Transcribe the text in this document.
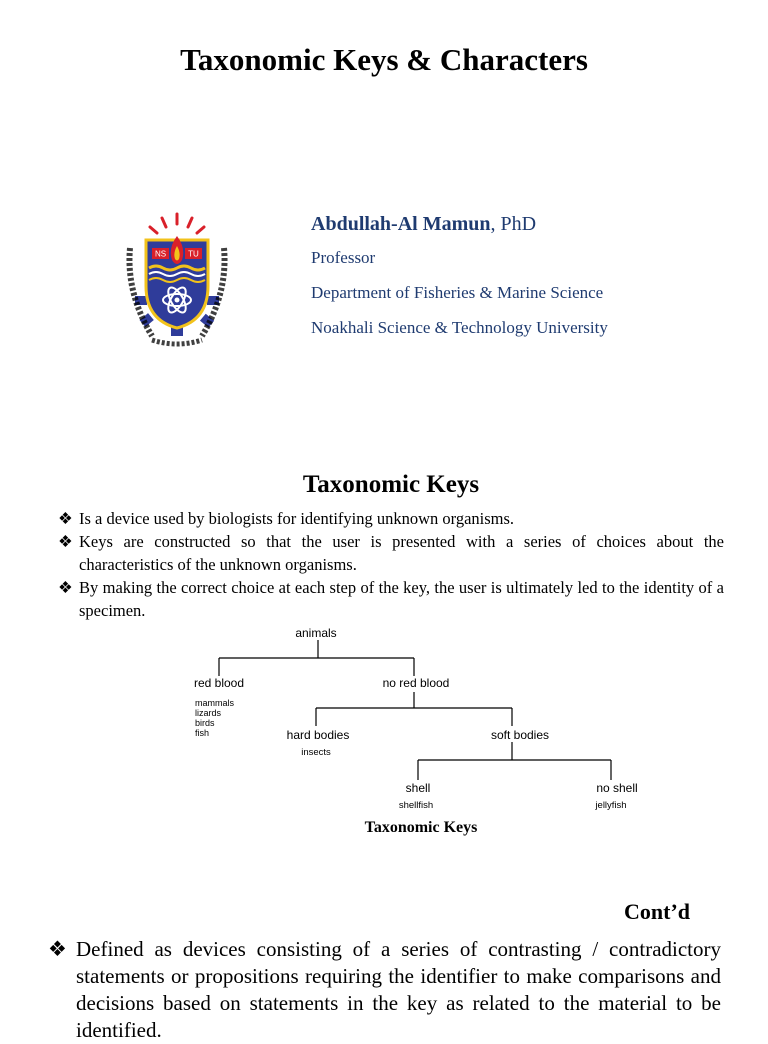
Taxonomic Keys & Characters
NS	TU
Abdullah-Al Mamun, PhD
Professor
Department of Fisheries & Marine Science
Noakhali Science & Technology University
Taxonomic Keys
❖ Is a device used by biologists for identifying unknown organisms.
❖ Keys are constructed so that the user is presented with a series of choices about the characteristics of the unknown organisms.
❖ By making the correct choice at each step of the key, the user is ultimately led to the identity of a specimen.
animals
red blood	no red blood
mammals
lizards
birds
fish	hard bodies
insects
soft bodies
shell
shellfish
no shell
jellyfish
Taxonomic Keys
Cont’d
❖ Defined as devices consisting of a series of contrasting / contradictory statements or propositions requiring the identifier to make comparisons and decisions based on statements in the key as related to the material to be identified.
